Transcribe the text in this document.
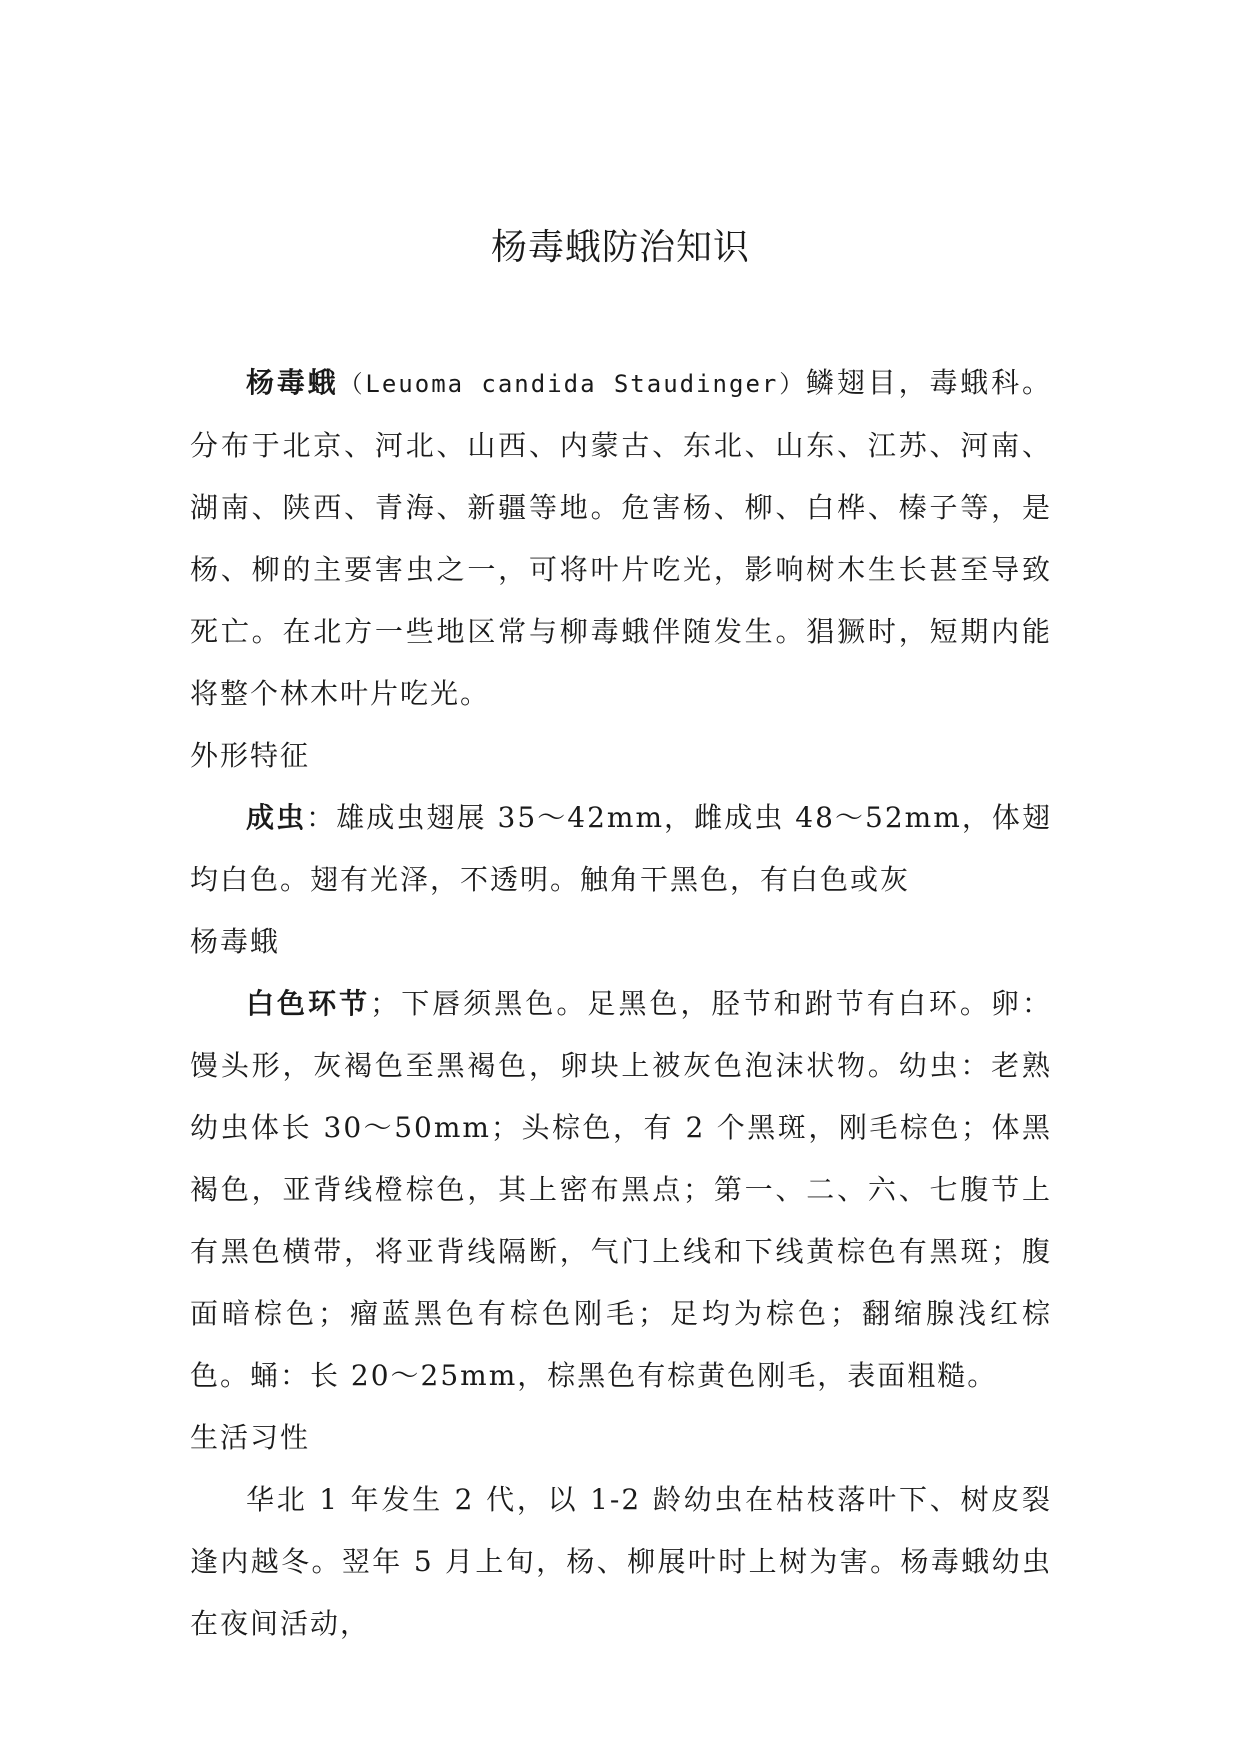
杨毒蛾防治知识

杨毒蛾（Leuoma candida Staudinger）鳞翅目，毒蛾科。分布于北京、河北、山西、内蒙古、东北、山东、江苏、河南、湖南、陕西、青海、新疆等地。危害杨、柳、白桦、榛子等，是杨、柳的主要害虫之一，可将叶片吃光，影响树木生长甚至导致死亡。在北方一些地区常与柳毒蛾伴随发生。猖獗时，短期内能将整个林木叶片吃光。

外形特征

成虫：雄成虫翅展 35～42mm，雌成虫 48～52mm，体翅均白色。翅有光泽，不透明。触角干黑色，有白色或灰

杨毒蛾

白色环节；下唇须黑色。足黑色，胫节和跗节有白环。卵：馒头形，灰褐色至黑褐色，卵块上被灰色泡沫状物。幼虫：老熟幼虫体长 30～50mm；头棕色，有 2 个黑斑，刚毛棕色；体黑褐色，亚背线橙棕色，其上密布黑点；第一、二、六、七腹节上有黑色横带，将亚背线隔断，气门上线和下线黄棕色有黑斑；腹面暗棕色；瘤蓝黑色有棕色刚毛；足均为棕色；翻缩腺浅红棕色。蛹：长 20～25mm，棕黑色有棕黄色刚毛，表面粗糙。

生活习性

华北 1 年发生 2 代，以 1-2 龄幼虫在枯枝落叶下、树皮裂逢内越冬。翌年 5 月上旬，杨、柳展叶时上树为害。杨毒蛾幼虫在夜间活动，
